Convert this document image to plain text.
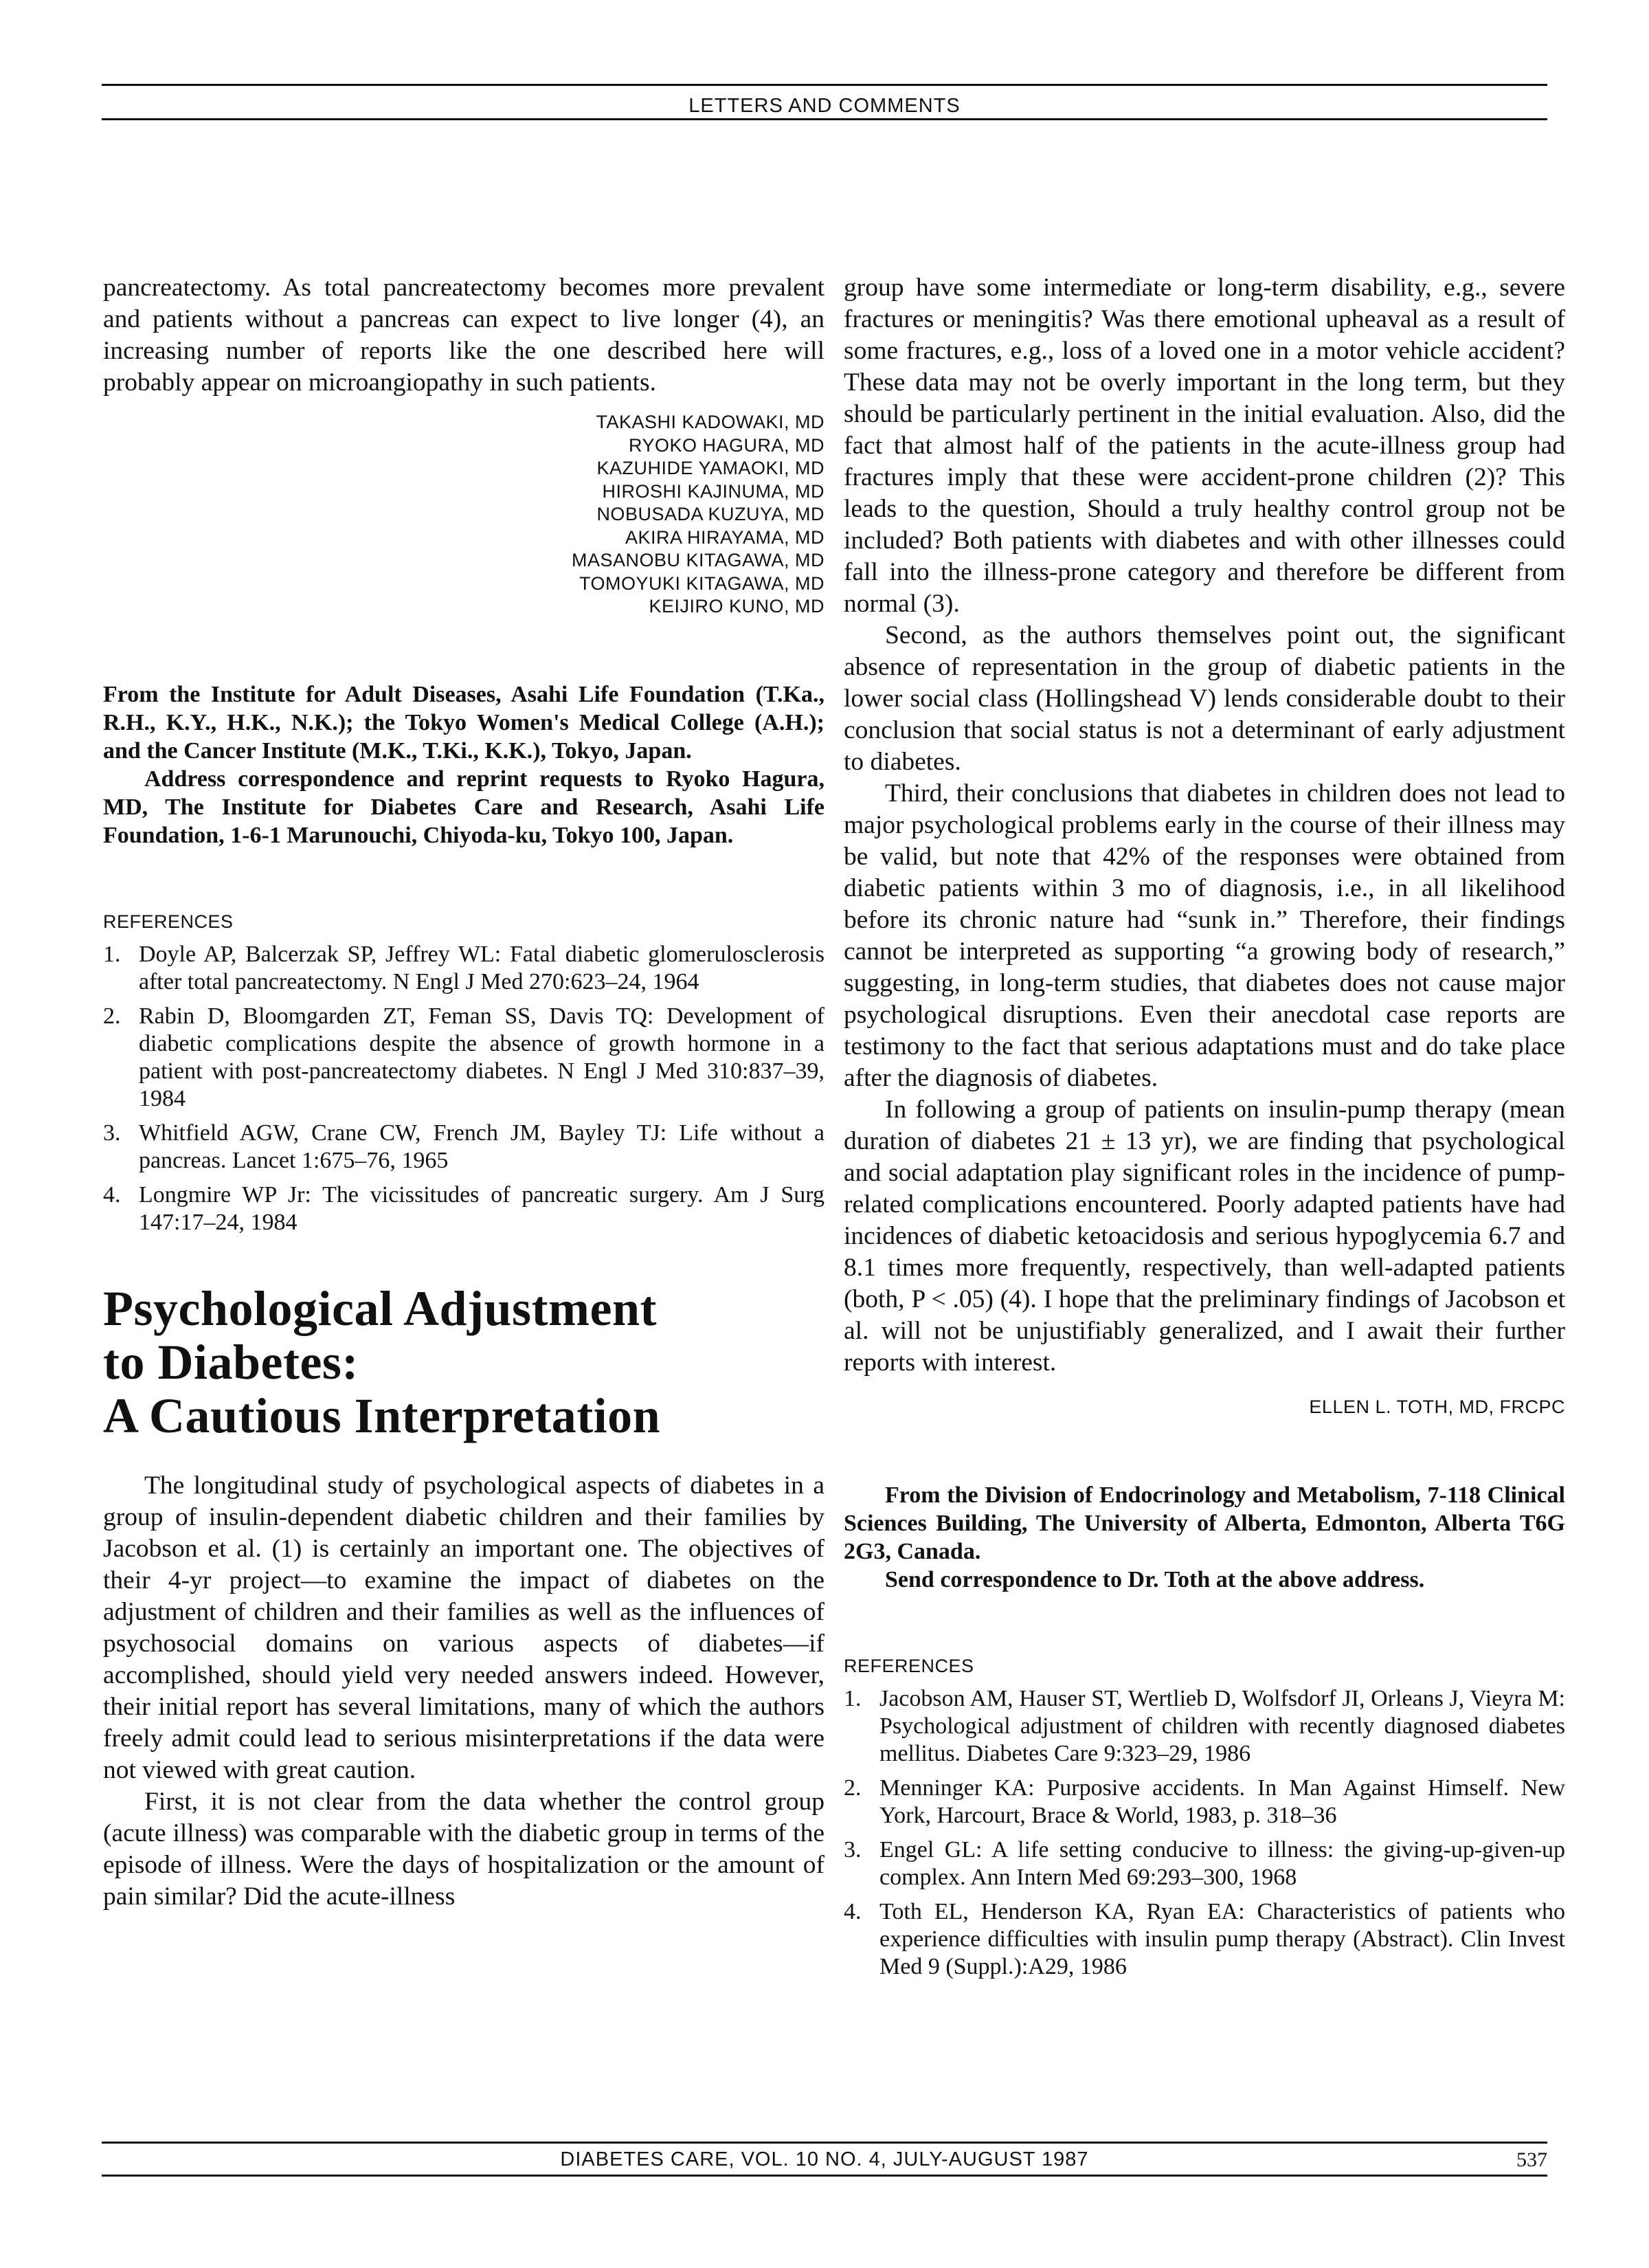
LETTERS AND COMMENTS

pancreatectomy. As total pancreatectomy becomes more prevalent and patients without a pancreas can expect to live longer (4), an increasing number of reports like the one described here will probably appear on microangiopathy in such patients.

TAKASHI KADOWAKI, MD
RYOKO HAGURA, MD
KAZUHIDE YAMAOKI, MD
HIROSHI KAJINUMA, MD
NOBUSADA KUZUYA, MD
AKIRA HIRAYAMA, MD
MASANOBU KITAGAWA, MD
TOMOYUKI KITAGAWA, MD
KEIJIRO KUNO, MD

From the Institute for Adult Diseases, Asahi Life Foundation (T.Ka., R.H., K.Y., H.K., N.K.); the Tokyo Women's Medical College (A.H.); and the Cancer Institute (M.K., T.Ki., K.K.), Tokyo, Japan.

Address correspondence and reprint requests to Ryoko Hagura, MD, The Institute for Diabetes Care and Research, Asahi Life Foundation, 1-6-1 Marunouchi, Chiyoda-ku, Tokyo 100, Japan.

REFERENCES
1. Doyle AP, Balcerzak SP, Jeffrey WL: Fatal diabetic glomerulosclerosis after total pancreatectomy. N Engl J Med 270:623–24, 1964
2. Rabin D, Bloomgarden ZT, Feman SS, Davis TQ: Development of diabetic complications despite the absence of growth hormone in a patient with post-pancreatectomy diabetes. N Engl J Med 310:837–39, 1984
3. Whitfield AGW, Crane CW, French JM, Bayley TJ: Life without a pancreas. Lancet 1:675–76, 1965
4. Longmire WP Jr: The vicissitudes of pancreatic surgery. Am J Surg 147:17–24, 1984
Psychological Adjustment
to Diabetes:
A Cautious Interpretation

The longitudinal study of psychological aspects of diabetes in a group of insulin-dependent diabetic children and their families by Jacobson et al. (1) is certainly an important one. The objectives of their 4-yr project—to examine the impact of diabetes on the adjustment of children and their families as well as the influences of psychosocial domains on various aspects of diabetes—if accomplished, should yield very needed answers indeed. However, their initial report has several limitations, many of which the authors freely admit could lead to serious misinterpretations if the data were not viewed with great caution.

First, it is not clear from the data whether the control group (acute illness) was comparable with the diabetic group in terms of the episode of illness. Were the days of hospitalization or the amount of pain similar? Did the acute-illness

group have some intermediate or long-term disability, e.g., severe fractures or meningitis? Was there emotional upheaval as a result of some fractures, e.g., loss of a loved one in a motor vehicle accident? These data may not be overly important in the long term, but they should be particularly pertinent in the initial evaluation. Also, did the fact that almost half of the patients in the acute-illness group had fractures imply that these were accident-prone children (2)? This leads to the question, Should a truly healthy control group not be included? Both patients with diabetes and with other illnesses could fall into the illness-prone category and therefore be different from normal (3).

Second, as the authors themselves point out, the significant absence of representation in the group of diabetic patients in the lower social class (Hollingshead V) lends considerable doubt to their conclusion that social status is not a determinant of early adjustment to diabetes.

Third, their conclusions that diabetes in children does not lead to major psychological problems early in the course of their illness may be valid, but note that 42% of the responses were obtained from diabetic patients within 3 mo of diagnosis, i.e., in all likelihood before its chronic nature had “sunk in.” Therefore, their findings cannot be interpreted as supporting “a growing body of research,” suggesting, in long-term studies, that diabetes does not cause major psychological disruptions. Even their anecdotal case reports are testimony to the fact that serious adaptations must and do take place after the diagnosis of diabetes.

In following a group of patients on insulin-pump therapy (mean duration of diabetes 21 ± 13 yr), we are finding that psychological and social adaptation play significant roles in the incidence of pump-related complications encountered. Poorly adapted patients have had incidences of diabetic ketoacidosis and serious hypoglycemia 6.7 and 8.1 times more frequently, respectively, than well-adapted patients (both, P < .05) (4). I hope that the preliminary findings of Jacobson et al. will not be unjustifiably generalized, and I await their further reports with interest.

ELLEN L. TOTH, MD, FRCPC

From the Division of Endocrinology and Metabolism, 7-118 Clinical Sciences Building, The University of Alberta, Edmonton, Alberta T6G 2G3, Canada.

Send correspondence to Dr. Toth at the above address.

REFERENCES
1. Jacobson AM, Hauser ST, Wertlieb D, Wolfsdorf JI, Orleans J, Vieyra M: Psychological adjustment of children with recently diagnosed diabetes mellitus. Diabetes Care 9:323–29, 1986
2. Menninger KA: Purposive accidents. In Man Against Himself. New York, Harcourt, Brace & World, 1983, p. 318–36
3. Engel GL: A life setting conducive to illness: the giving-up-given-up complex. Ann Intern Med 69:293–300, 1968
4. Toth EL, Henderson KA, Ryan EA: Characteristics of patients who experience difficulties with insulin pump therapy (Abstract). Clin Invest Med 9 (Suppl.):A29, 1986
DIABETES CARE, VOL. 10 NO. 4, JULY-AUGUST 1987	537
